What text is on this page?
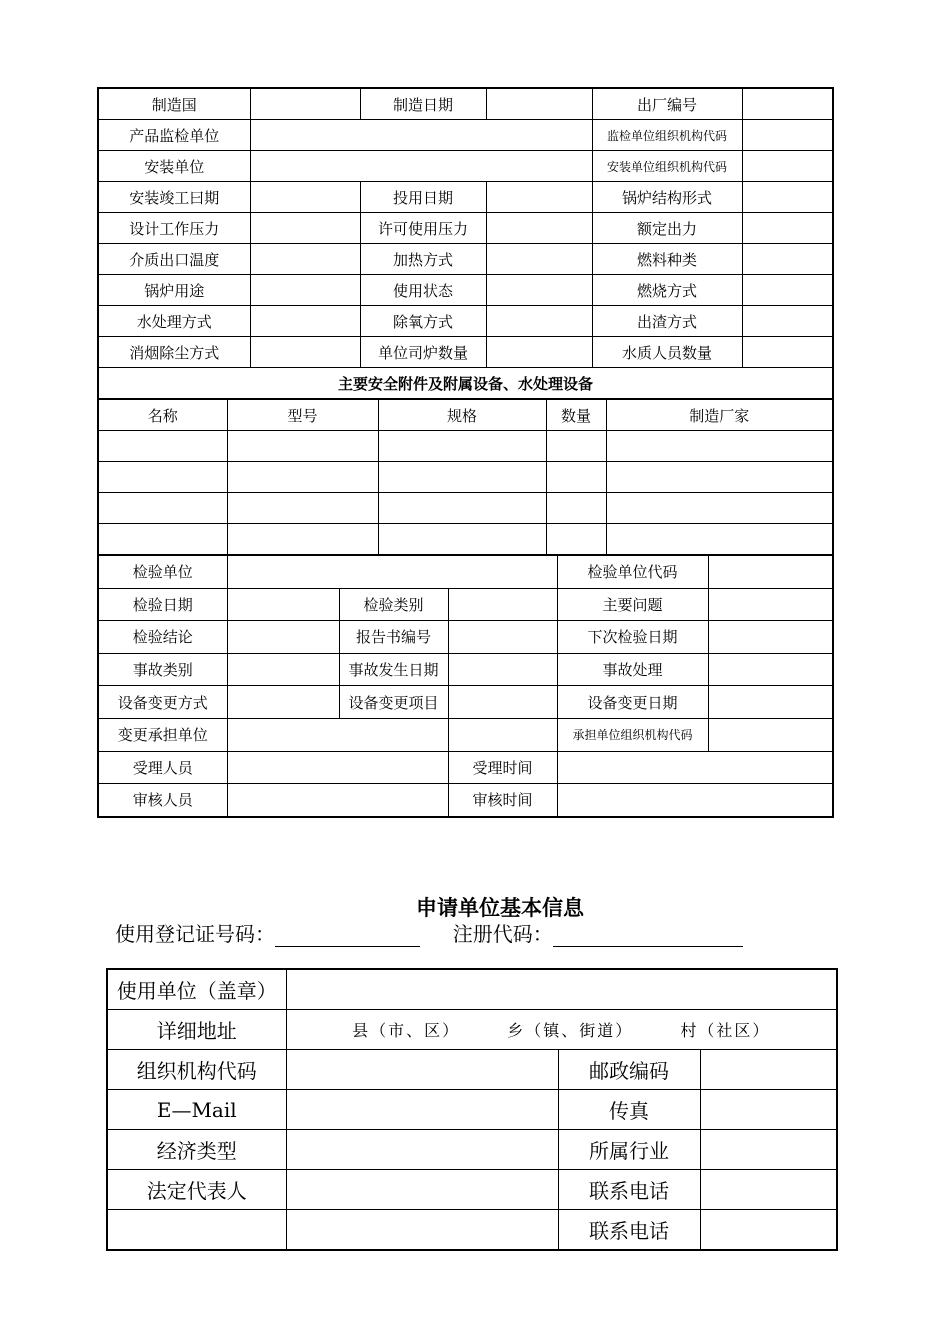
制造国		制造日期		出厂编号	
产品监检单位				监检单位组织机构代码	
安装单位				安装单位组织机构代码	
安装竣工曰期		投用日期		锅炉结构形式	
设计工作压力		许可使用压力		额定出力	
介质出口温度		加热方式		燃料种类	
锅炉用途		使用状态		燃烧方式	
水处理方式		除氧方式		出渣方式	
消烟除尘方式		单位司炉数量		水质人员数量	
主要安全附件及附属设备、水处理设备					
名称	型号	规格	数量	制造厂家

检验单位				检验单位代码	
检验日期		检验类别		主要问题	
检验结论		报告书编号		下次检验日期	
事故类别		事故发生日期		事故处理	
设备变更方式		设备变更项目		设备变更日期	
变更承担单位				承担单位组织机构代码	
受理人员			受理时间		
审核人员			审核时间		
申请单位基本信息
使用登记证号码：	注册代码：
使用单位（盖章）			
详细地址	县（市、区） 乡（镇、街道） 村（社区）		
组织机构代码		邮政编码	
E—Mail		传真	
经济类型		所属行业	
法定代表人		联系电话	
		联系电话	
